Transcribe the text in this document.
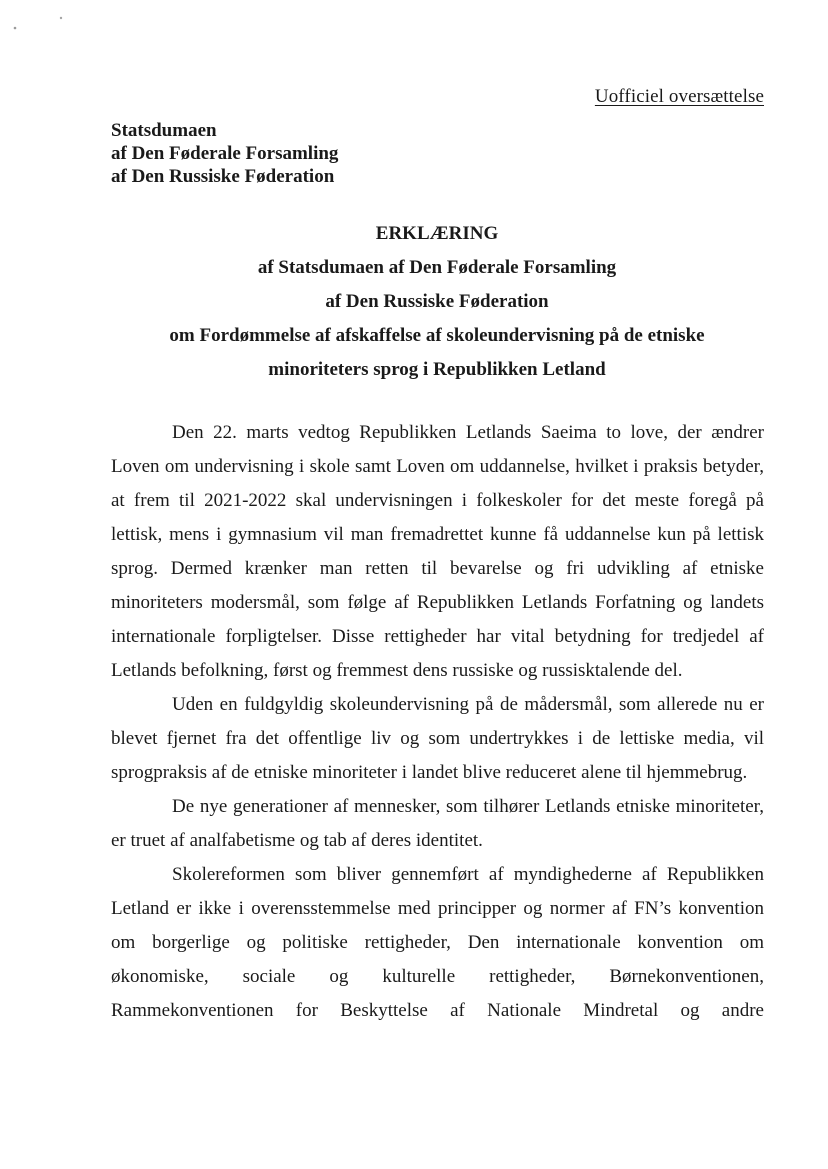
Uofficiel oversættelse
Statsdumaen
af Den Føderale Forsamling
af Den Russiske Føderation
ERKLÆRING
af Statsdumaen af Den Føderale Forsamling
af Den Russiske Føderation
om Fordømmelse af afskaffelse af skoleundervisning på de etniske
minoriteters sprog i Republikken Letland

Den 22. marts vedtog Republikken Letlands Saeima to love, der ændrer Loven om undervisning i skole samt Loven om uddannelse, hvilket i praksis betyder, at frem til 2021-2022 skal undervisningen i folkeskoler for det meste foregå på lettisk, mens i gymnasium vil man fremadrettet kunne få uddannelse kun på lettisk sprog. Dermed krænker man retten til bevarelse og fri udvikling af etniske minoriteters modersmål, som følge af Republikken Letlands Forfatning og landets internationale forpligtelser. Disse rettigheder har vital betydning for tredjedel af Letlands befolkning, først og fremmest dens russiske og russisktalende del.

Uden en fuldgyldig skoleundervisning på de mådersmål, som allerede nu er blevet fjernet fra det offentlige liv og som undertrykkes i de lettiske media, vil sprogpraksis af de etniske minoriteter i landet blive reduceret alene til hjemmebrug.

De nye generationer af mennesker, som tilhører Letlands etniske minoriteter, er truet af analfabetisme og tab af deres identitet.

Skolereformen som bliver gennemført af myndighederne af Republikken Letland er ikke i overensstemmelse med principper og normer af FN’s konvention om borgerlige og politiske rettigheder, Den internationale konvention om økonomiske, sociale og kulturelle rettigheder, Børnekonventionen, Rammekonventionen for Beskyttelse af Nationale Mindretal og andre
